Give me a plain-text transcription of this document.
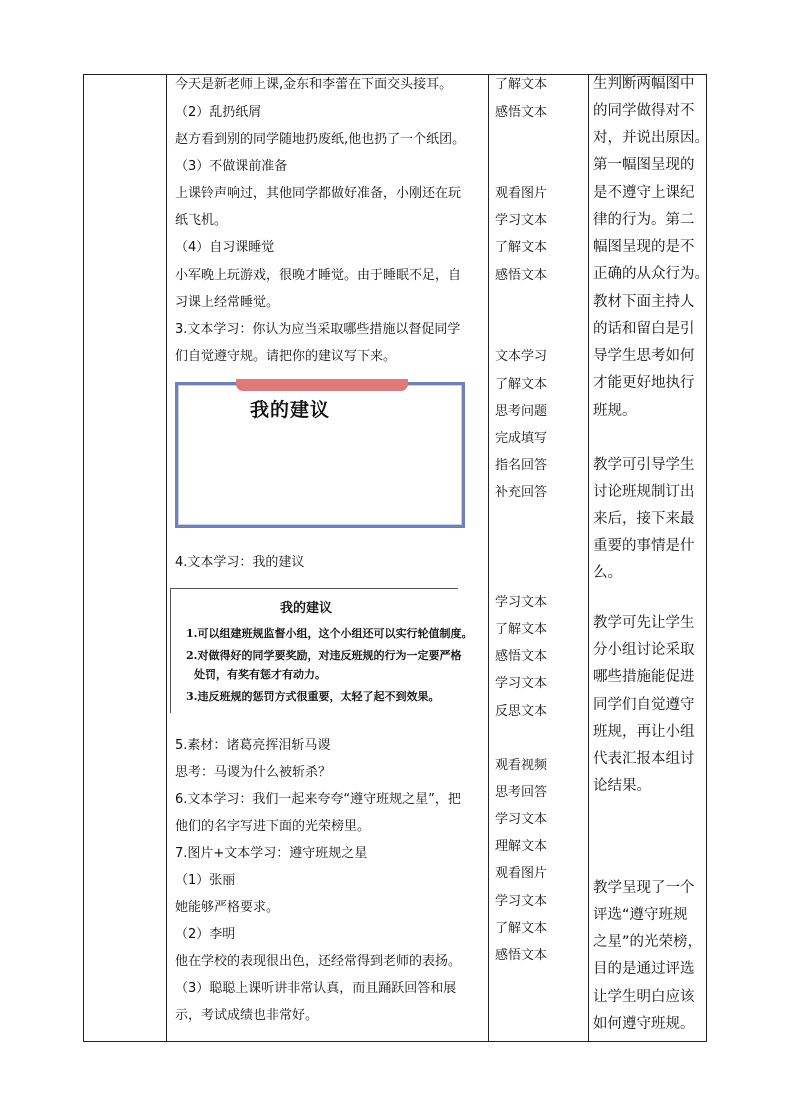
今天是新老师上课,金东和李蕾在下面交头接耳。
（2）乱扔纸屑
赵方看到别的同学随地扔废纸,他也扔了一个纸团。
（3）不做课前准备
上课铃声响过，其他同学都做好准备，小刚还在玩
纸飞机。
（4）自习课睡觉
小军晚上玩游戏，很晚才睡觉。由于睡眠不足，自
习课上经常睡觉。
3.文本学习：你认为应当采取哪些措施以督促同学
们自觉遵守规。请把你的建议写下来。
4.文本学习：我的建议
5.素材：诸葛亮挥泪斩马谡
思考：马谡为什么被斩杀？
6.文本学习：我们一起来夸夸“遵守班规之星”，把
他们的名字写进下面的光荣榜里。
7.图片+文本学习：遵守班规之星
（1）张丽
她能够严格要求。
（2）李明
他在学校的表现很出色，还经常得到老师的表扬。
（3）聪聪上课听讲非常认真，而且踊跃回答和展
示，考试成绩也非常好。
我的建议
我的建议
1.可以组建班规监督小组，这个小组还可以实行轮值制度。
2.对做得好的同学要奖励，对违反班规的行为一定要严格
处罚，有奖有惩才有动力。
3.违反班规的惩罚方式很重要，太轻了起不到效果。
了解文本
感悟文本
观看图片
学习文本
了解文本
感悟文本
文本学习
了解文本
思考问题
完成填写
指名回答
补充回答
学习文本
了解文本
感悟文本
学习文本
反思文本
观看视频
思考回答
学习文本
理解文本
观看图片
学习文本
了解文本
感悟文本
生判断两幅图中
的同学做得对不
对，并说出原因。
第一幅图呈现的
是不遵守上课纪
律的行为。第二
幅图呈现的是不
正确的从众行为。
教材下面主持人
的话和留白是引
导学生思考如何
才能更好地执行
班规。
教学可引导学生
讨论班规制订出
来后，接下来最
重要的事情是什
么。
教学可先让学生
分小组讨论采取
哪些措施能促进
同学们自觉遵守
班规，再让小组
代表汇报本组讨
论结果。
教学呈现了一个
评选“遵守班规
之星”的光荣榜，
目的是通过评选
让学生明白应该
如何遵守班规。
